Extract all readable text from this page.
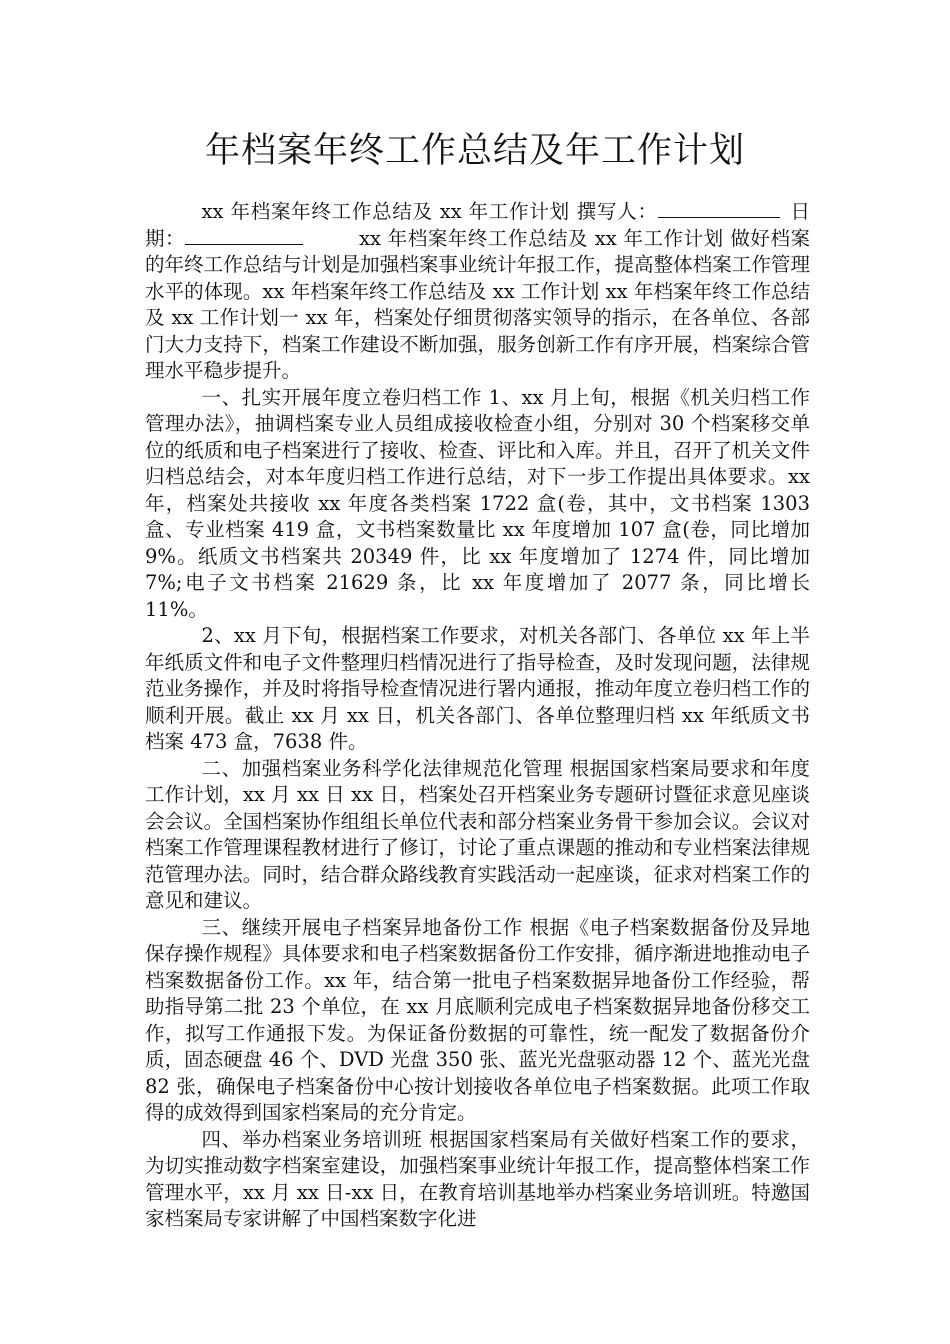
年档案年终工作总结及年工作计划

xx 年档案年终工作总结及 xx 年工作计划 撰写人：	日　期：	xx 年档案年终工作总结及 xx 年工作计划 做好档案的年终工作总结与计划是加强档案事业统计年报工作，提高整体档案工作管理水平的体现。xx 年档案年终工作总结及 xx 工作计划 xx 年档案年终工作总结及 xx 工作计划一 xx 年，档案处仔细贯彻落实领导的指示，在各单位、各部门大力支持下，档案工作建设不断加强，服务创新工作有序开展，档案综合管理水平稳步提升。

一、扎实开展年度立卷归档工作 1、xx 月上旬，根据《机关归档工作管理办法》，抽调档案专业人员组成接收检查小组，分别对 30 个档案移交单位的纸质和电子档案进行了接收、检查、评比和入库。并且，召开了机关文件归档总结会，对本年度归档工作进行总结，对下一步工作提出具体要求。xx 年，档案处共接收 xx 年度各类档案 1722 盒(卷，其中，文书档案 1303 盒、专业档案 419 盒，文书档案数量比 xx 年度增加 107 盒(卷，同比增加 9%。纸质文书档案共 20349 件，比 xx 年度增加了 1274 件，同比增加 7%;电子文书档案 21629 条，比 xx 年度增加了 2077 条，同比增长 11%。

2、xx 月下旬，根据档案工作要求，对机关各部门、各单位 xx 年上半年纸质文件和电子文件整理归档情况进行了指导检查，及时发现问题，法律规范业务操作，并及时将指导检查情况进行署内通报，推动年度立卷归档工作的顺利开展。截止 xx 月 xx 日，机关各部门、各单位整理归档 xx 年纸质文书档案 473 盒，7638 件。

二、加强档案业务科学化法律规范化管理 根据国家档案局要求和年度工作计划，xx 月 xx 日 xx 日，档案处召开档案业务专题研讨暨征求意见座谈会会议。全国档案协作组组长单位代表和部分档案业务骨干参加会议。会议对档案工作管理课程教材进行了修订，讨论了重点课题的推动和专业档案法律规范管理办法。同时，结合群众路线教育实践活动一起座谈，征求对档案工作的意见和建议。

三、继续开展电子档案异地备份工作 根据《电子档案数据备份及异地保存操作规程》具体要求和电子档案数据备份工作安排，循序渐进地推动电子档案数据备份工作。xx 年，结合第一批电子档案数据异地备份工作经验，帮助指导第二批 23 个单位，在 xx 月底顺利完成电子档案数据异地备份移交工作，拟写工作通报下发。为保证备份数据的可靠性，统一配发了数据备份介质，固态硬盘 46 个、DVD 光盘 350 张、蓝光光盘驱动器 12 个、蓝光光盘 82 张，确保电子档案备份中心按计划接收各单位电子档案数据。此项工作取得的成效得到国家档案局的充分肯定。

四、举办档案业务培训班 根据国家档案局有关做好档案工作的要求，为切实推动数字档案室建设，加强档案事业统计年报工作，提高整体档案工作管理水平，xx 月 xx 日-xx 日，在教育培训基地举办档案业务培训班。特邀国家档案局专家讲解了中国档案数字化进
